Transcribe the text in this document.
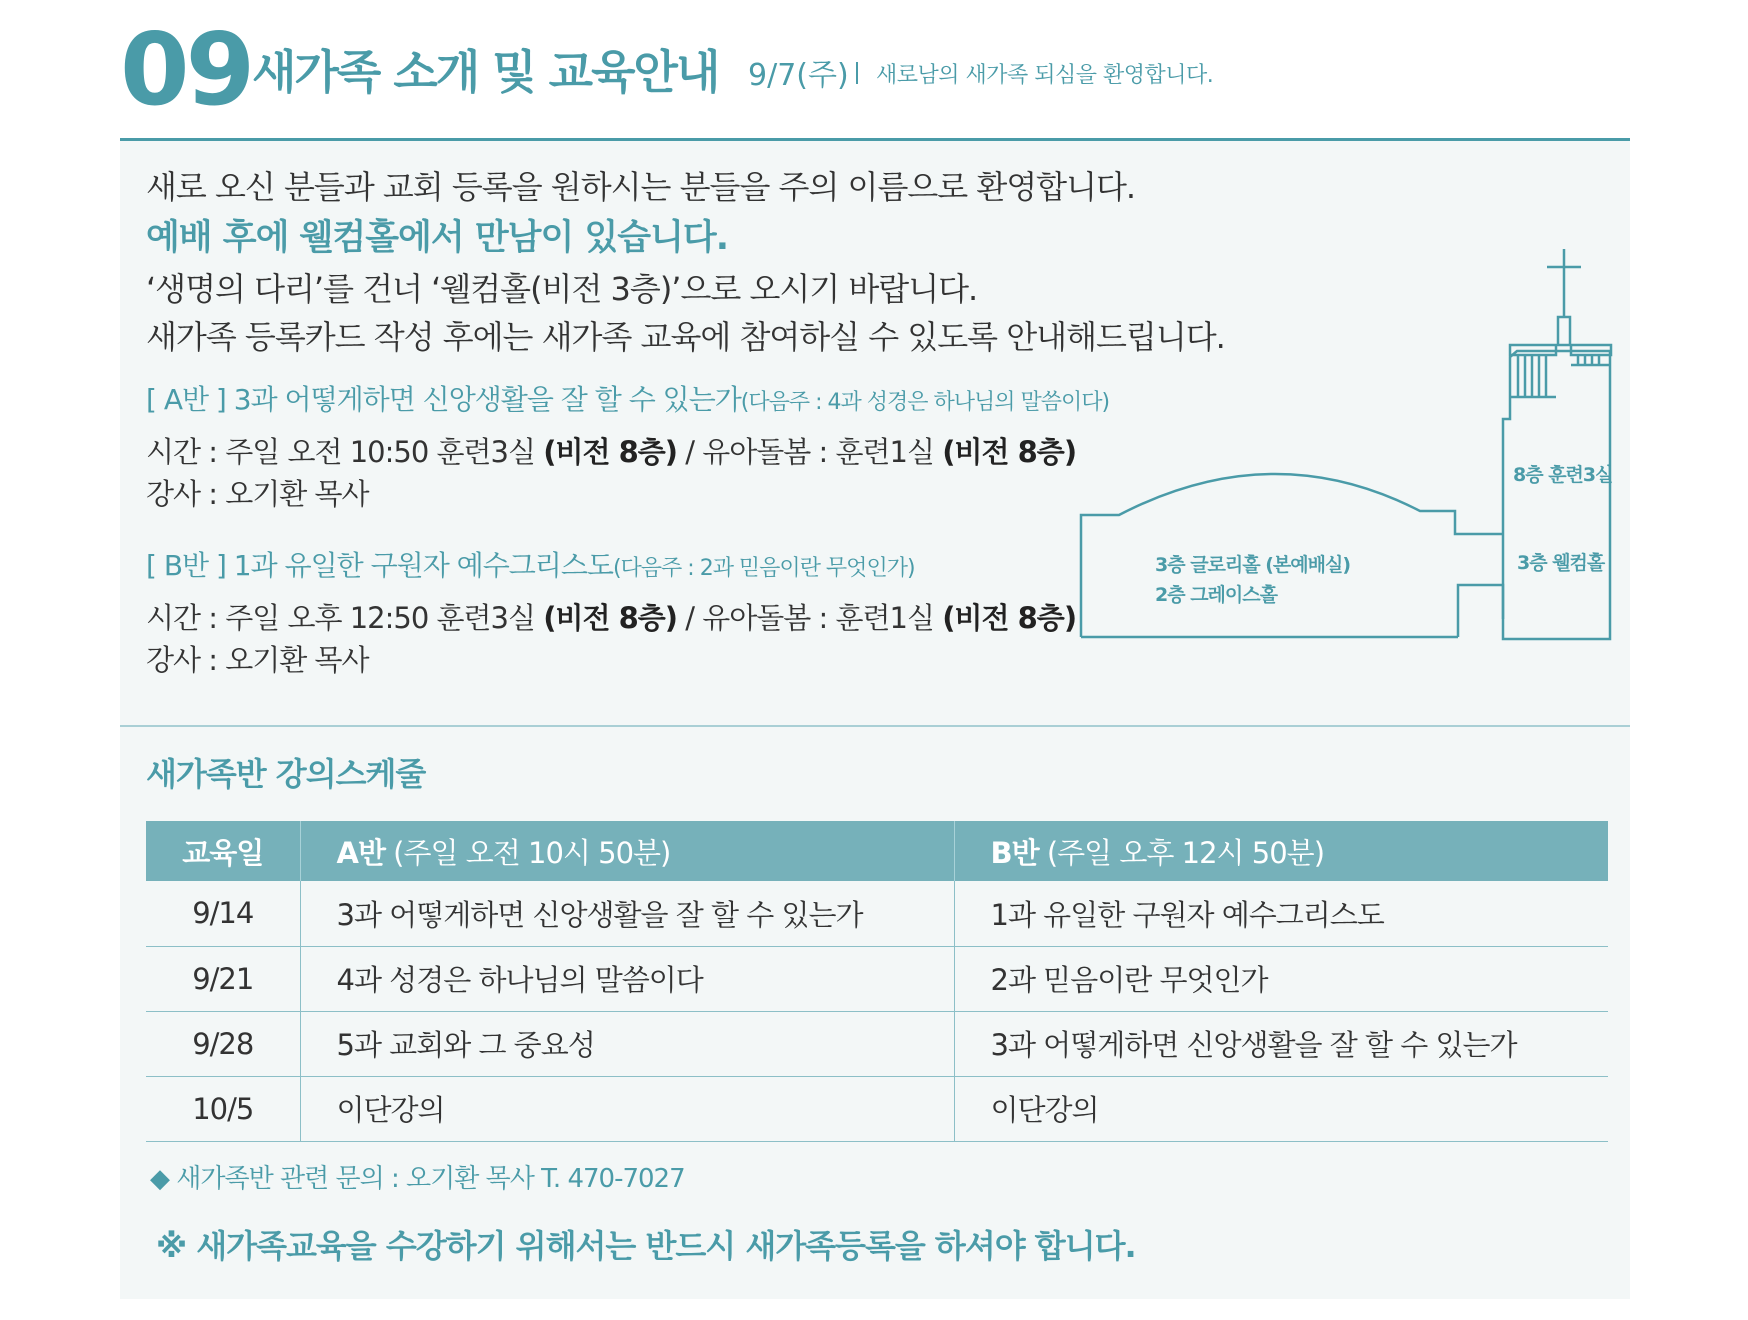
09 새가족 소개 및 교육안내 9/7(주) 새로남의 새가족 되심을 환영합니다.
새로 오신 분들과 교회 등록을 원하시는 분들을 주의 이름으로 환영합니다.
예배 후에 웰컴홀에서 만남이 있습니다.
‘생명의 다리’를 건너 ‘웰컴홀(비전 3층)’으로 오시기 바랍니다.
새가족 등록카드 작성 후에는 새가족 교육에 참여하실 수 있도록 안내해드립니다.
[ A반 ] 3과 어떻게하면 신앙생활을 잘 할 수 있는가(다음주 : 4과 성경은 하나님의 말씀이다)
시간 : 주일 오전 10:50 훈련3실 (비전 8층) / 유아돌봄 : 훈련1실 (비전 8층)
강사 : 오기환 목사
[ B반 ] 1과 유일한 구원자 예수그리스도(다음주 : 2과 믿음이란 무엇인가)
시간 : 주일 오후 12:50 훈련3실 (비전 8층) / 유아돌봄 : 훈련1실 (비전 8층)
강사 : 오기환 목사
8층 훈련3실
3층 웰컴홀
3층 글로리홀 (본예배실)
2층 그레이스홀
새가족반 강의스케줄
교육일	A반 (주일 오전 10시 50분)	B반 (주일 오후 12시 50분)
9/14	3과 어떻게하면 신앙생활을 잘 할 수 있는가	1과 유일한 구원자 예수그리스도
9/21	4과 성경은 하나님의 말씀이다	2과 믿음이란 무엇인가
9/28	5과 교회와 그 중요성	3과 어떻게하면 신앙생활을 잘 할 수 있는가
10/5	이단강의	이단강의
◆ 새가족반 관련 문의 : 오기환 목사 T. 470-7027
※ 새가족교육을 수강하기 위해서는 반드시 새가족등록을 하셔야 합니다.
